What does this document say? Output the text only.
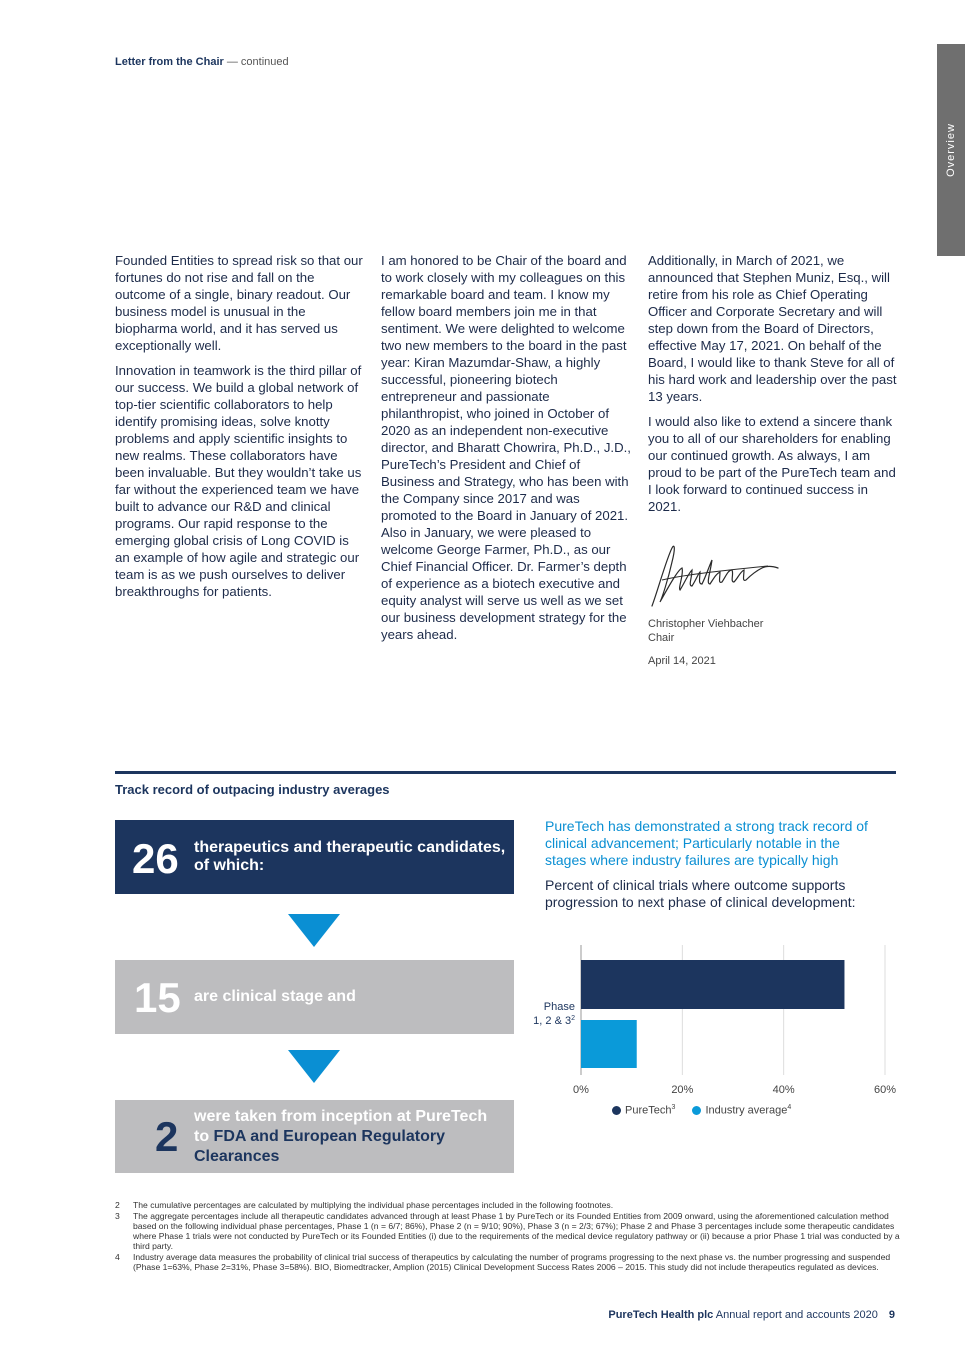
Letter from the Chair — continued
Overview

Founded Entities to spread risk so that our fortunes do not rise and fall on the outcome of a single, binary readout. Our business model is unusual in the biopharma world, and it has served us exceptionally well.

Innovation in teamwork is the third pillar of our success. We build a global network of top-tier scientific collaborators to help identify promising ideas, solve knotty problems and apply scientific insights to new realms. These collaborators have been invaluable. But they wouldn’t take us far without the experienced team we have built to advance our R&D and clinical programs. Our rapid response to the emerging global crisis of Long COVID is an example of how agile and strategic our team is as we push ourselves to deliver breakthroughs for patients.

I am honored to be Chair of the board and to work closely with my colleagues on this remarkable board and team. I know my fellow board members join me in that sentiment. We were delighted to welcome two new members to the board in the past year: Kiran Mazumdar-Shaw, a highly successful, pioneering biotech entrepreneur and passionate philanthropist, who joined in October of 2020 as an independent non-executive director, and Bharatt Chowrira, Ph.D., J.D., PureTech’s President and Chief of Business and Strategy, who has been with the Company since 2017 and was promoted to the Board in January of 2021. Also in January, we were pleased to welcome George Farmer, Ph.D., as our Chief Financial Officer. Dr. Farmer’s depth of experience as a biotech executive and equity analyst will serve us well as we set our business development strategy for the years ahead.

Additionally, in March of 2021, we announced that Stephen Muniz, Esq., will retire from his role as Chief Operating Officer and Corporate Secretary and will step down from the Board of Directors, effective May 17, 2021. On behalf of the Board, I would like to thank Steve for all of his hard work and leadership over the past 13 years.

I would also like to extend a sincere thank you to all of our shareholders for enabling our continued growth. As always, I am proud to be part of the PureTech team and I look forward to continued success in 2021.

Christopher Viehbacher
Chair
April 14, 2021
Track record of outpacing industry averages
26 therapeutics and therapeutic candidates, of which:
15 are clinical stage and
2 were taken from inception at PureTech to FDA and European Regulatory Clearances
PureTech has demonstrated a strong track record of clinical advancement; Particularly notable in the stages where industry failures are typically high
Percent of clinical trials where outcome supports progression to next phase of clinical development:
0%	20%	40%	60%
Phase
1, 2 & $3^2$
PureTech$^3$	Industry average$^4$
2	The cumulative percentages are calculated by multiplying the individual phase percentages included in the following footnotes.
3	The aggregate percentages include all therapeutic candidates advanced through at least Phase 1 by PureTech or its Founded Entities from 2009 onward, using the aforementioned calculation method based on the following individual phase percentages, Phase 1 (n = 6/7; 86%), Phase 2 (n = 9/10; 90%), Phase 3 (n = 2/3; 67%); Phase 2 and Phase 3 percentages include some therapeutic candidates where Phase 1 trials were not conducted by PureTech or its Founded Entities (i) due to the requirements of the medical device regulatory pathway or (ii) because a prior Phase 1 trial was conducted by a third party.
4	Industry average data measures the probability of clinical trial success of therapeutics by calculating the number of programs progressing to the next phase vs. the number progressing and suspended (Phase 1=63%, Phase 2=31%, Phase 3=58%). BIO, Biomedtracker, Amplion (2015) Clinical Development Success Rates 2006 – 2015. This study did not include therapeutics regulated as devices.
PureTech Health plc Annual report and accounts 2020 9
